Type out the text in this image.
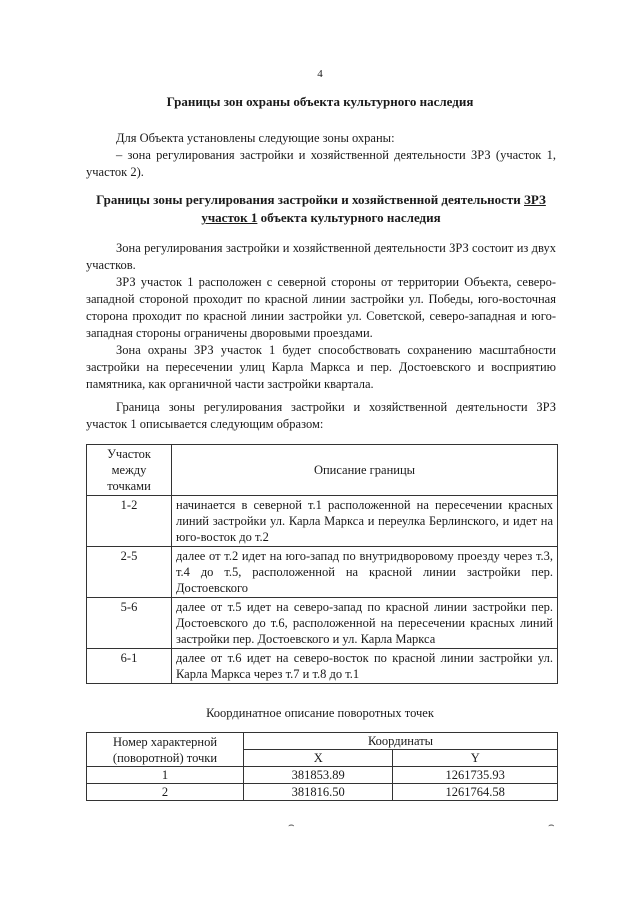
4
Границы зон охраны объекта культурного наследия

Для Объекта установлены следующие зоны охраны:

– зона регулирования застройки и хозяйственной деятельности ЗРЗ (участок 1, участок 2).

Границы зоны регулирования застройки и хозяйственной деятельности ЗРЗ участок 1 объекта культурного наследия

Зона регулирования застройки и хозяйственной деятельности ЗРЗ состоит из двух участков.

ЗРЗ участок 1 расположен с северной стороны от территории Объекта, северо-западной стороной проходит по красной линии застройки ул. Победы, юго-восточная сторона проходит по красной линии застройки ул. Советской, северо-западная и юго-западная стороны ограничены дворовыми проездами.

Зона охраны ЗРЗ участок 1 будет способствовать сохранению масштабности застройки на пересечении улиц Карла Маркса и пер. Достоевского и восприятию памятника, как органичной части застройки квартала.

Граница зоны регулирования застройки и хозяйственной деятельности ЗРЗ участок 1 описывается следующим образом:

Участок между точками	Описание границы
1-2	начинается в северной т.1 расположенной на пересечении красных линий застройки ул. Карла Маркса и переулка Берлинского, и идет на юго-восток до т.2
2-5	далее от т.2 идет на юго-запад по внутридворовому проезду через т.3, т.4 до т.5, расположенной на красной линии застройки пер. Достоевского
5-6	далее от т.5 идет на северо-запад по красной линии застройки пер. Достоевского до т.6, расположенной на пересечении красных линий застройки пер. Достоевского и ул. Карла Маркса
6-1	далее от т.6 идет на северо-восток по красной линии застройки ул. Карла Маркса через т.7 и т.8 до т.1
Координатное описание поворотных точек
Номер характерной (поворотной) точки	Координаты	
	X	Y
1	381853.89	1261735.93
2	381816.50	1261764.58
⌢	⌢
